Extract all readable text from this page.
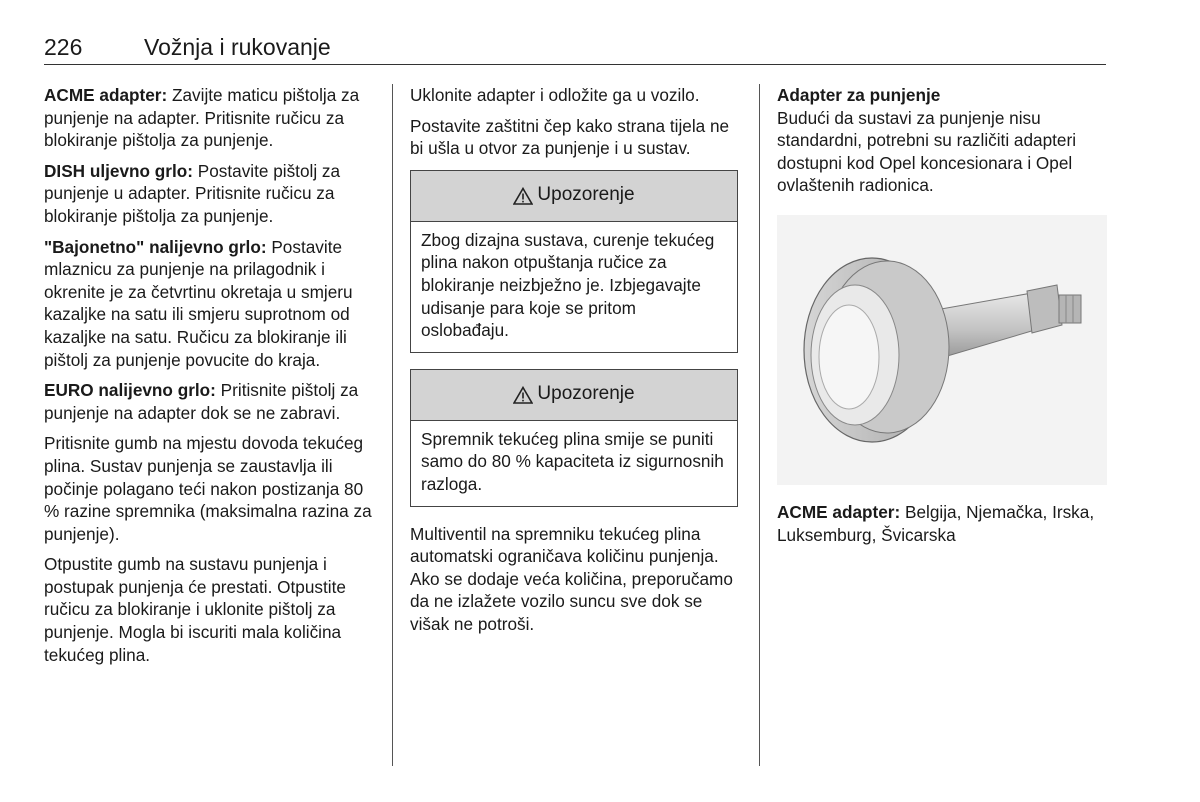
226	Vožnja i rukovanje

ACME adapter: Zavijte maticu pištolja za punjenje na adapter. Pritisnite ručicu za blokiranje pištolja za punjenje.

DISH uljevno grlo: Postavite pištolj za punjenje u adapter. Pritisnite ručicu za blokiranje pištolja za punjenje.

"Bajonetno" nalijevno grlo: Postavite mlaznicu za punjenje na prilagodnik i okrenite je za četvrtinu okretaja u smjeru kazaljke na satu ili smjeru suprotnom od kazaljke na satu. Ručicu za blokiranje ili pištolj za punjenje povucite do kraja.

EURO nalijevno grlo: Pritisnite pištolj za punjenje na adapter dok se ne zabravi.

Pritisnite gumb na mjestu dovoda tekućeg plina. Sustav punjenja se zaustavlja ili počinje polagano teći nakon postizanja 80 % razine spremnika (maksimalna razina za punjenje).

Otpustite gumb na sustavu punjenja i postupak punjenja će prestati. Otpustite ručicu za blokiranje i uklonite pištolj za punjenje. Mogla bi iscuriti mala količina tekućeg plina.

Uklonite adapter i odložite ga u vozilo.

Postavite zaštitni čep kako strana tijela ne bi ušla u otvor za punjenje i u sustav.

Upozorenje
Zbog dizajna sustava, curenje tekućeg plina nakon otpuštanja ručice za blokiranje neizbježno je. Izbjegavajte udisanje para koje se pritom oslobađaju.
Upozorenje
Spremnik tekućeg plina smije se puniti samo do 80 % kapaciteta iz sigurnosnih razloga.

Multiventil na spremniku tekućeg plina automatski ograničava količinu punjenja. Ako se dodaje veća količina, preporučamo da ne izlažete vozilo suncu sve dok se višak ne potroši.

Adapter za punjenje

Budući da sustavi za punjenje nisu standardni, potrebni su različiti adapteri dostupni kod Opel koncesionara i Opel ovlaštenih radionica.

ACME adapter: Belgija, Njemačka, Irska, Luksemburg, Švicarska
